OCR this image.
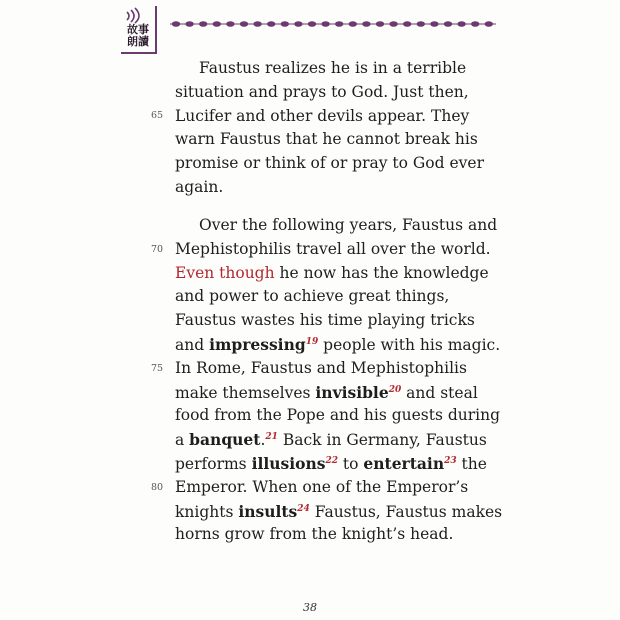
故事
朗讀
Faustus realizes he is in a terrible
situation and prays to God. Just then,
Lucifer and other devils appear. They
warn Faustus that he cannot break his
promise or think of or pray to God ever
again.
Over the following years, Faustus and
Mephistophilis travel all over the world.
Even though he now has the knowledge
and power to achieve great things,
Faustus wastes his time playing tricks
and impressing$^{19}$ people with his magic.
In Rome, Faustus and Mephistophilis
make themselves invisible$^{20}$ and steal
food from the Pope and his guests during
a banquet.$^{21}$ Back in Germany, Faustus
performs illusions$^{22}$ to entertain$^{23}$ the
Emperor. When one of the Emperor’s
knights insults$^{24}$ Faustus, Faustus makes
horns grow from the knight’s head.
65
70
75
80
38
